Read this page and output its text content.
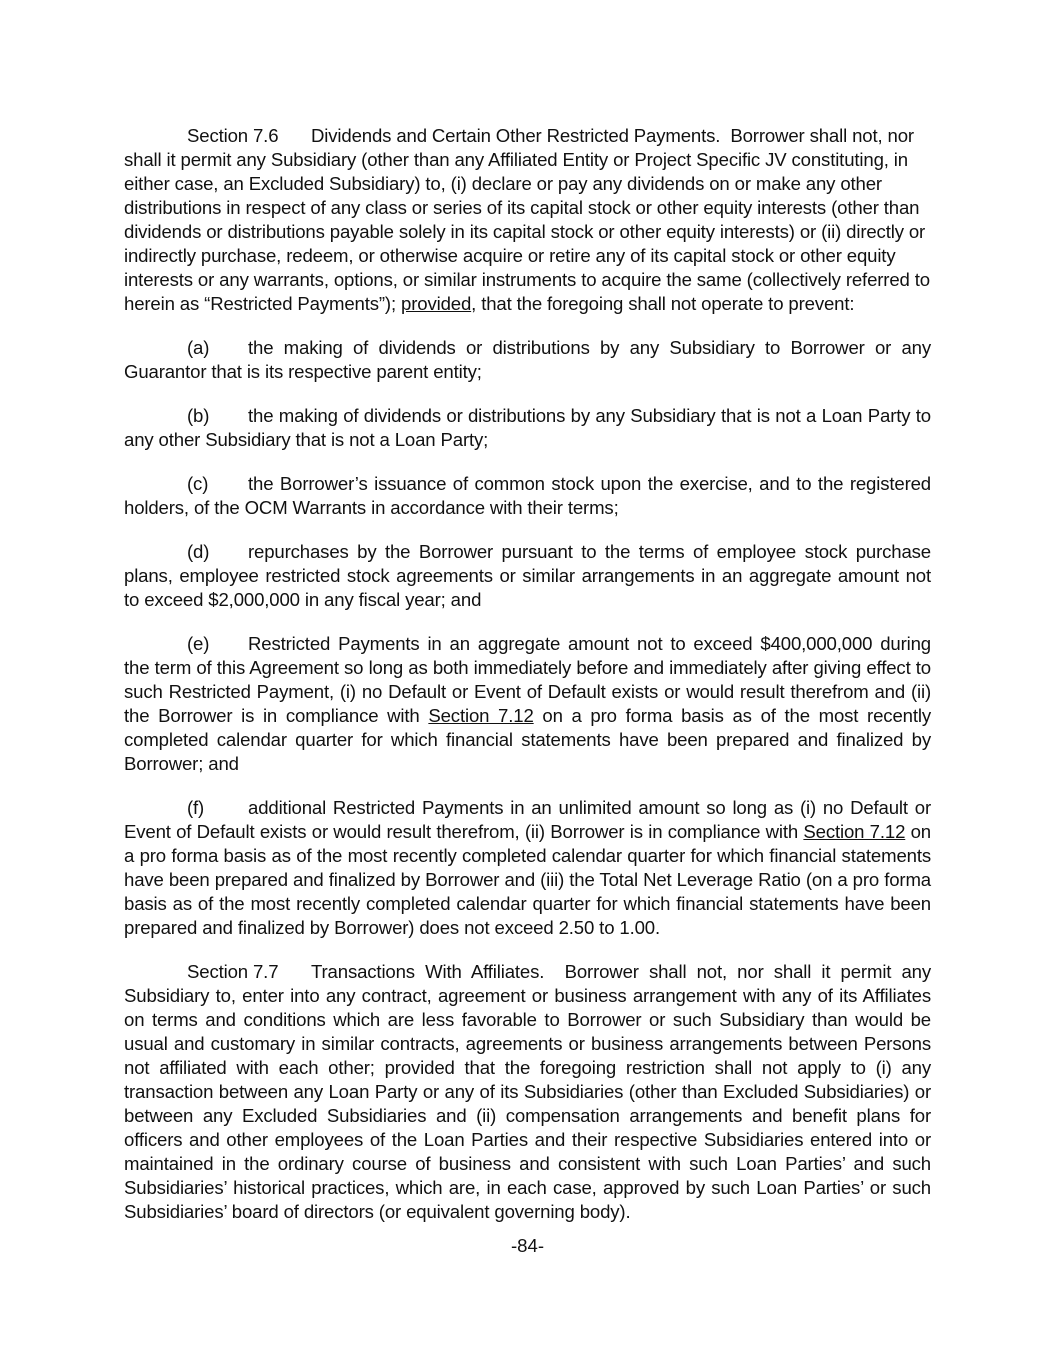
Section 7.6 Dividends and Certain Other Restricted Payments. Borrower shall not, nor shall it permit any Subsidiary (other than any Affiliated Entity or Project Specific JV constituting, in either case, an Excluded Subsidiary) to, (i) declare or pay any dividends on or make any other distributions in respect of any class or series of its capital stock or other equity interests (other than dividends or distributions payable solely in its capital stock or other equity interests) or (ii) directly or indirectly purchase, redeem, or otherwise acquire or retire any of its capital stock or other equity interests or any warrants, options, or similar instruments to acquire the same (collectively referred to herein as “Restricted Payments”); provided, that the foregoing shall not operate to prevent:

(a) the making of dividends or distributions by any Subsidiary to Borrower or any Guarantor that is its respective parent entity;

(b) the making of dividends or distributions by any Subsidiary that is not a Loan Party to any other Subsidiary that is not a Loan Party;

(c) the Borrower’s issuance of common stock upon the exercise, and to the registered holders, of the OCM Warrants in accordance with their terms;

(d) repurchases by the Borrower pursuant to the terms of employee stock purchase plans, employee restricted stock agreements or similar arrangements in an aggregate amount not to exceed $2,000,000 in any fiscal year; and

(e) Restricted Payments in an aggregate amount not to exceed $400,000,000 during the term of this Agreement so long as both immediately before and immediately after giving effect to such Restricted Payment, (i) no Default or Event of Default exists or would result therefrom and (ii) the Borrower is in compliance with Section 7.12 on a pro forma basis as of the most recently completed calendar quarter for which financial statements have been prepared and finalized by Borrower; and

(f) additional Restricted Payments in an unlimited amount so long as (i) no Default or Event of Default exists or would result therefrom, (ii) Borrower is in compliance with Section 7.12 on a pro forma basis as of the most recently completed calendar quarter for which financial statements have been prepared and finalized by Borrower and (iii) the Total Net Leverage Ratio (on a pro forma basis as of the most recently completed calendar quarter for which financial statements have been prepared and finalized by Borrower) does not exceed 2.50 to 1.00.

Section 7.7 Transactions With Affiliates. Borrower shall not, nor shall it permit any Subsidiary to, enter into any contract, agreement or business arrangement with any of its Affiliates on terms and conditions which are less favorable to Borrower or such Subsidiary than would be usual and customary in similar contracts, agreements or business arrangements between Persons not affiliated with each other; provided that the foregoing restriction shall not apply to (i) any transaction between any Loan Party or any of its Subsidiaries (other than Excluded Subsidiaries) or between any Excluded Subsidiaries and (ii) compensation arrangements and benefit plans for officers and other employees of the Loan Parties and their respective Subsidiaries entered into or maintained in the ordinary course of business and consistent with such Loan Parties’ and such Subsidiaries’ historical practices, which are, in each case, approved by such Loan Parties’ or such Subsidiaries’ board of directors (or equivalent governing body).

-84-
